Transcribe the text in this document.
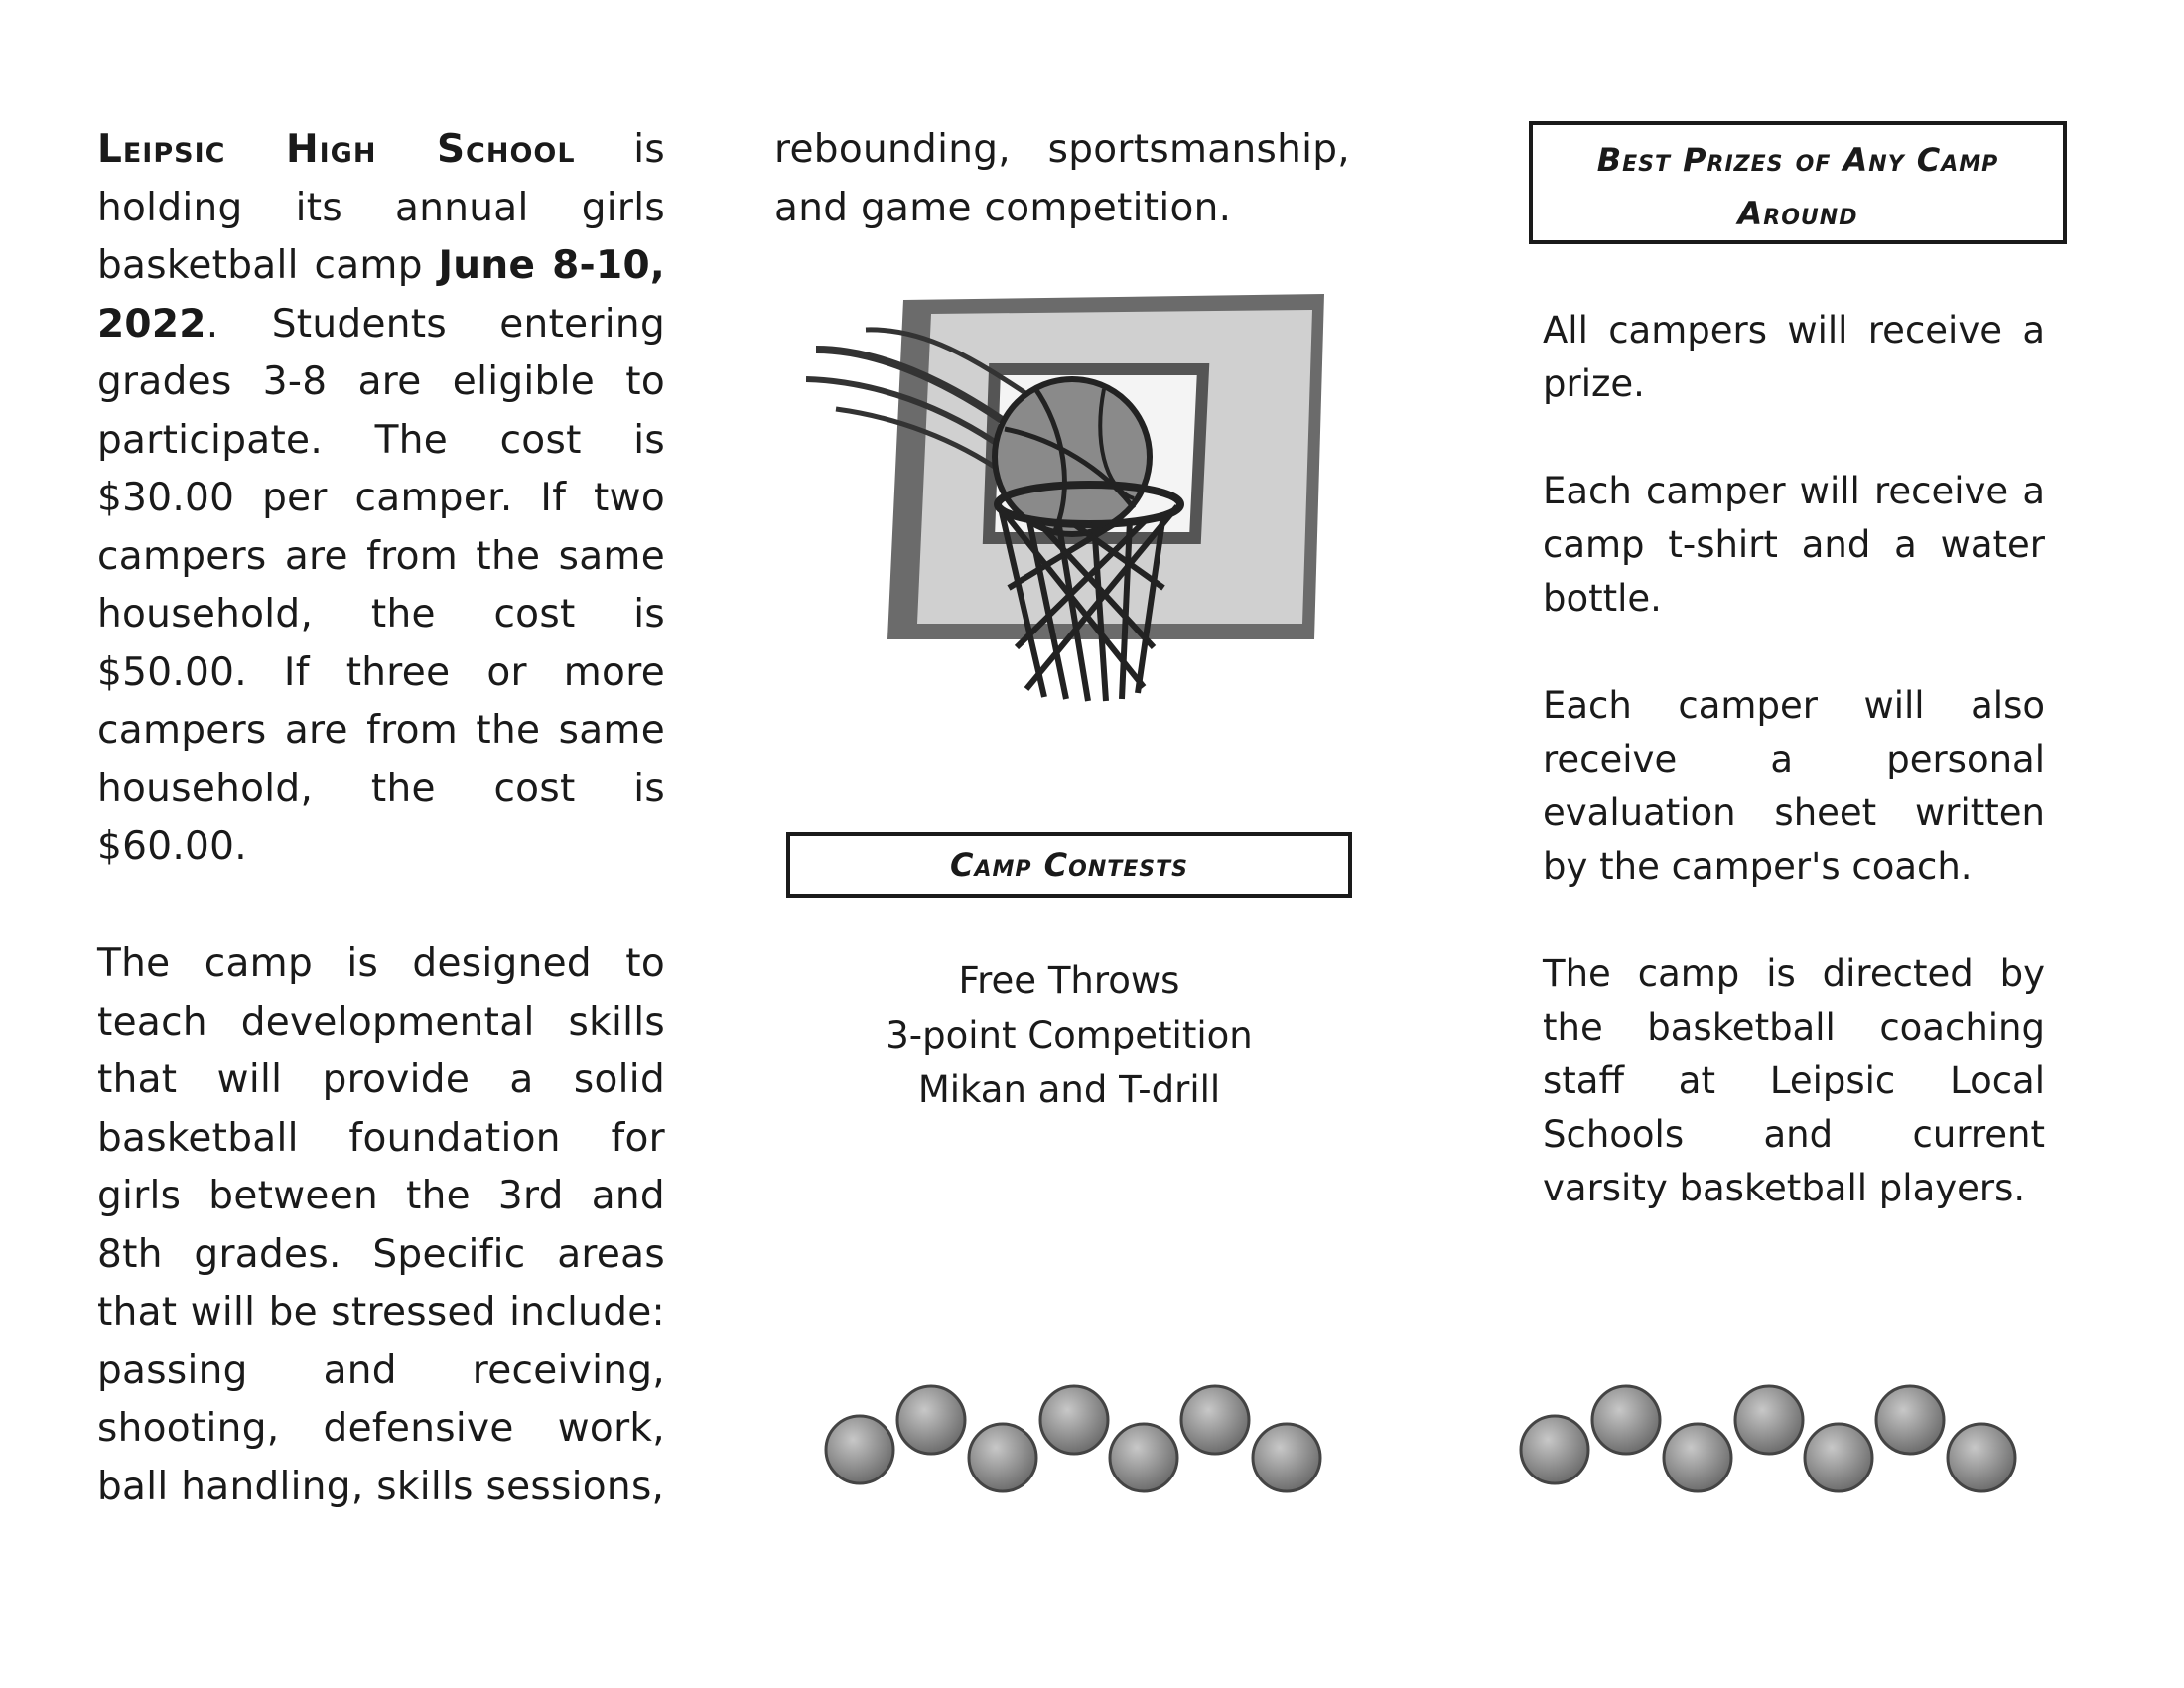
Leipsic High School is holding its annual girls basketball camp June 8-10, 2022. Students entering grades 3-8 are eligible to participate. The cost is $30.00 per camper. If two campers are from the same household, the cost is $50.00. If three or more campers are from the same household, the cost is $60.00.

The camp is designed to teach developmental skills that will provide a solid basketball foundation for girls between the 3rd and 8th grades. Specific areas that will be stressed include: passing and receiving, shooting, defensive work, ball handling, skills sessions,

rebounding, sportsmanship, and game competition.

Camp Contests
Free Throws
3-point Competition
Mikan and T-drill
Best Prizes of Any Camp
Around

All campers will receive a prize.

Each camper will receive a camp t-shirt and a water bottle.

Each camper will also receive a personal evaluation sheet written by the camper's coach.

The camp is directed by the basketball coaching staff at Leipsic Local Schools and current varsity basketball players.
